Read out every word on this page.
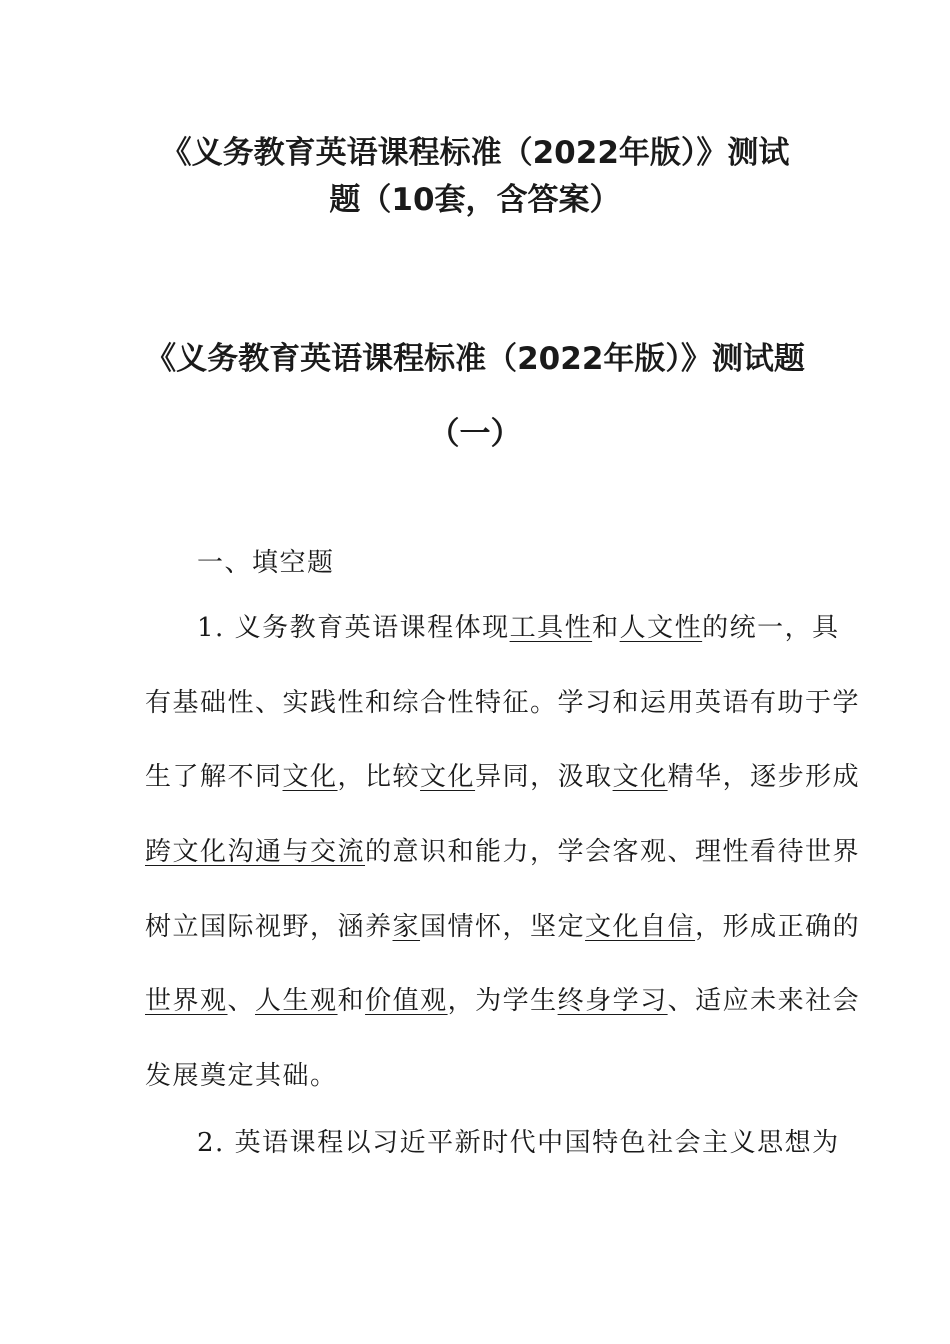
《义务教育英语课程标准（2022年版）》测试
题（10套，含答案）
《义务教育英语课程标准（2022年版）》测试题
（一）
一、填空题
1. 义务教育英语课程体现工具性和人文性的统一，具
有基础性、实践性和综合性特征。学习和运用英语有助于学
生了解不同文化，比较文化异同，汲取文化精华，逐步形成
跨文化沟通与交流的意识和能力，学会客观、理性看待世界
树立国际视野，涵养家国情怀，坚定文化自信，形成正确的
世界观、人生观和价值观，为学生终身学习、适应未来社会
发展奠定其础。
2. 英语课程以习近平新时代中国特色社会主义思想为
